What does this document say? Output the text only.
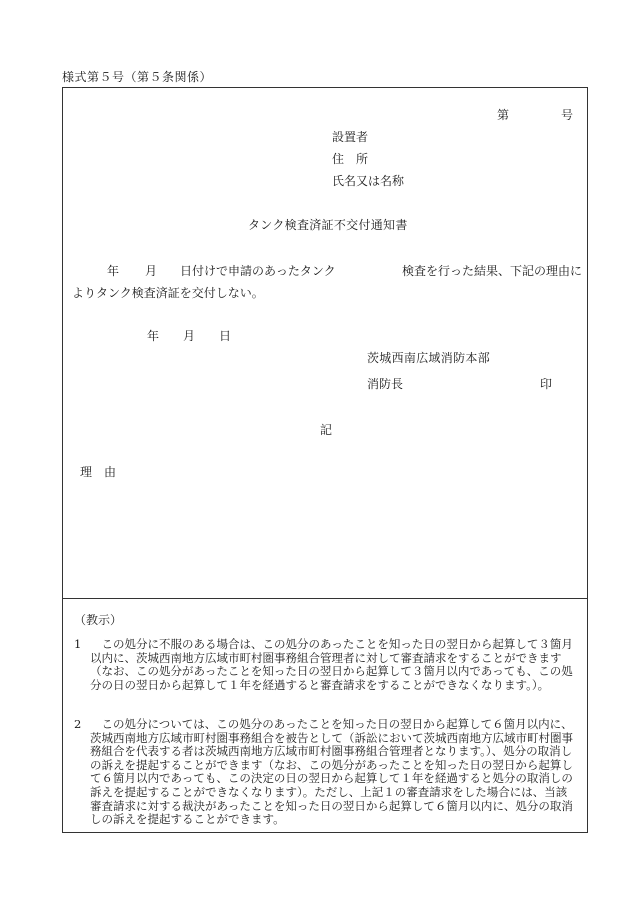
様式第５号（第５条関係）
第	号
設置者
住　所
氏名又は名称
タンク検査済証不交付通知書
年 月 日付けで申請のあったタンク	検査を行った結果、下記の理由に
よりタンク検査済証を交付しない。
年 月 日
茨城西南広域消防本部
消防長	印
記
理　由
（教示）
1	この処分に不服のある場合は、この処分のあったことを知った日の翌日から起算して３箇月以内に、茨城西南地方広域市町村圏事務組合管理者に対して審査請求をすることができます（なお、この処分があったことを知った日の翌日から起算して３箇月以内であっても、この処分の日の翌日から起算して１年を経過すると審査請求をすることができなくなります。）。
2	この処分については、この処分のあったことを知った日の翌日から起算して６箇月以内に、茨城西南地方広域市町村圏事務組合を被告として（訴訟において茨城西南地方広域市町村圏事務組合を代表する者は茨城西南地方広域市町村圏事務組合管理者となります。）、処分の取消しの訴えを提起することができます（なお、この処分があったことを知った日の翌日から起算して６箇月以内であっても、この決定の日の翌日から起算して１年を経過すると処分の取消しの訴えを提起することができなくなります）。ただし、上記１の審査請求をした場合には、当該審査請求に対する裁決があったことを知った日の翌日から起算して６箇月以内に、処分の取消しの訴えを提起することができます。
